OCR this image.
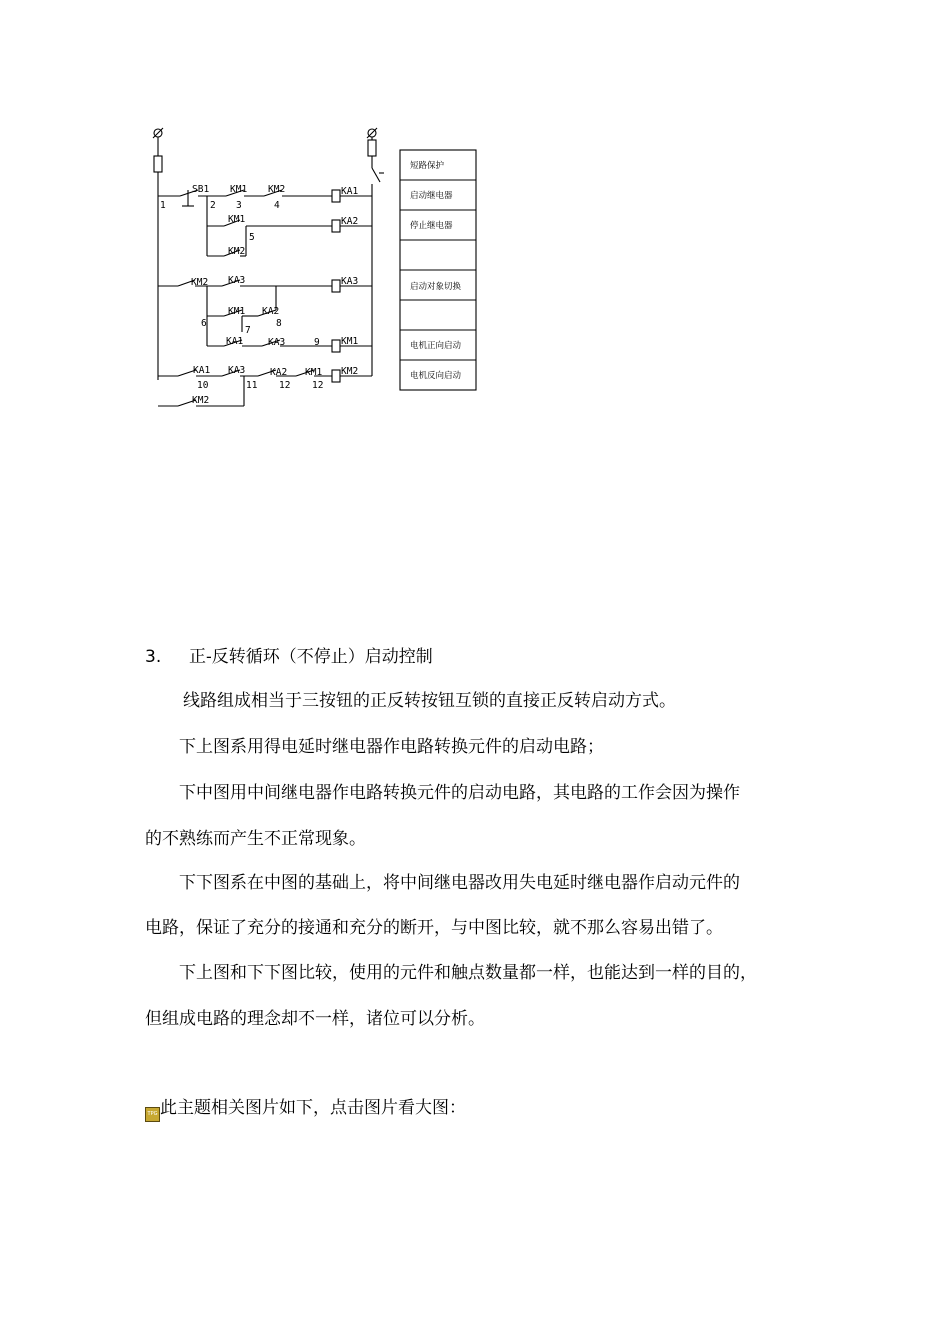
SB1 KM1 KM2	KA1
KM1	KA2
KM2
KM2 KA3	KA3
KM1 KA2
KA1	KA3	KM1
KA1 KA3	KA2 KM1 KM2
KM2
1	2 3	4
5
6
7
8
9
10	11 12 12
短路保护
启动继电器
停止继电器
启动对象切换
电机正向启动
电机反向启动
3. 正-反转循环（不停止）启动控制

线路组成相当于三按钮的正反转按钮互锁的直接正反转启动方式。

下上图系用得电延时继电器作电路转换元件的启动电路；

下中图用中间继电器作电路转换元件的启动电路，其电路的工作会因为操作

的不熟练而产生不正常现象。

下下图系在中图的基础上，将中间继电器改用失电延时继电器作启动元件的

电路，保证了充分的接通和充分的断开，与中图比较，就不那么容易出错了。

下上图和下下图比较，使用的元件和触点数量都一样，也能达到一样的目的，

但组成电路的理念却不一样，诸位可以分析。

TPG 此主题相关图片如下，点击图片看大图：
